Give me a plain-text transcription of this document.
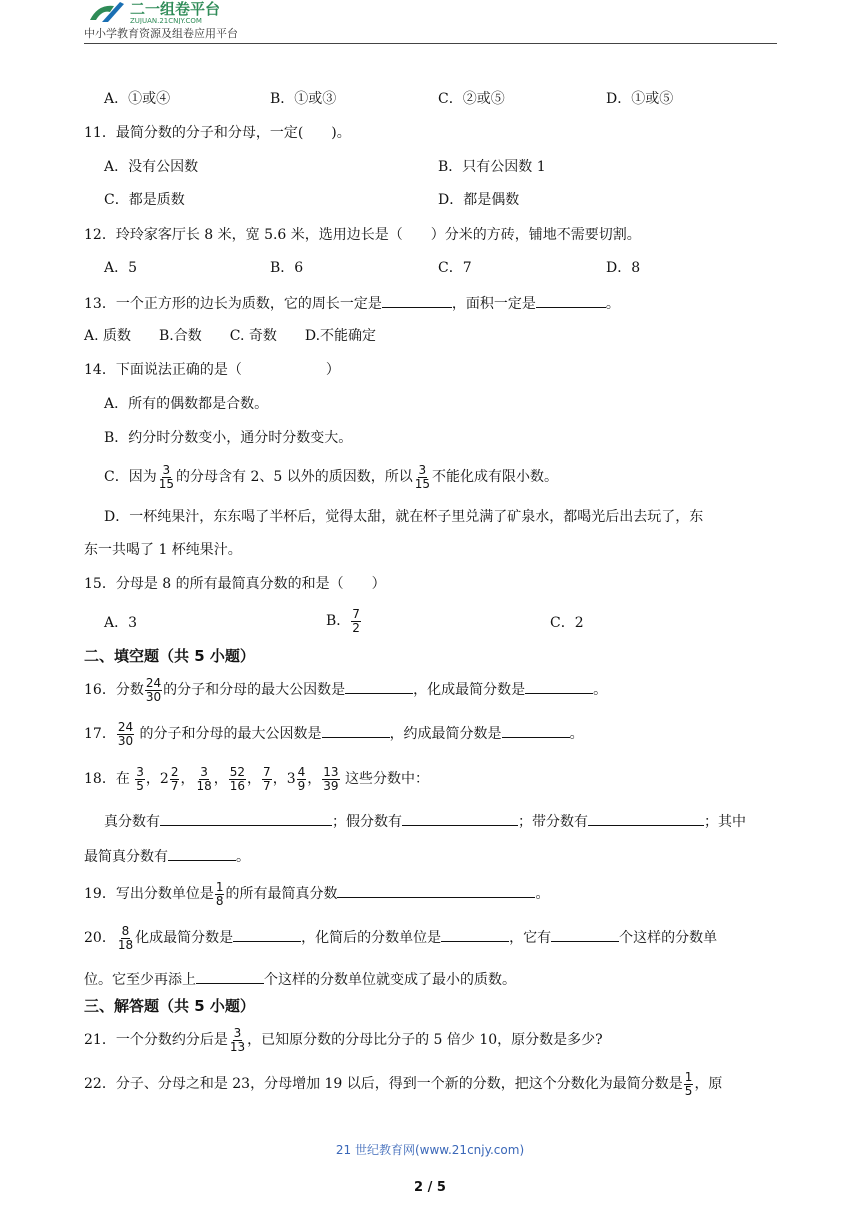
二一组卷平台
ZUJUAN.21CNJY.COM
中小学教育资源及组卷应用平台
A．①或④	B．①或③	C．②或⑤	D．①或⑤
11．最简分数的分子和分母，一定(　　)。
A．没有公因数	B．只有公因数 1
C．都是质数	D．都是偶数
12．玲玲家客厅长 8 米，宽 5.6 米，选用边长是（　　）分米的方砖，铺地不需要切割。
A．5	B．6	C．7	D．8
13．一个正方形的边长为质数，它的周长一定是	，面积一定是	。
A. 质数　　B.合数　　C. 奇数　　D.不能确定
14．下面说法正确的是（　　　　　　）
A．所有的偶数都是合数。
B．约分时分数变小，通分时分数变大。
C．因为 $\frac{3}{15}$ 的分母含有 2、5 以外的质因数，所以 $\frac{3}{15}$ 不能化成有限小数。
D．一杯纯果汁，东东喝了半杯后，觉得太甜，就在杯子里兑满了矿泉水，都喝光后出去玩了，东
东一共喝了 1 杯纯果汁。
15．分母是 8 的所有最简真分数的和是（　　）
A．3	B． $\frac{7}{2}$	C．2
二、填空题（共 5 小题）
16．分数 $\frac{24}{30}$ 的分子和分母的最大公因数是	，化成最简分数是	。
17． $\frac{24}{30}$ 的分子和分母的最大公因数是	，约成最简分数是	。
18．在 $\frac{3}{5}$ ，$2 \frac{2}{7}$ ， $\frac{3}{18}$ ， $\frac{52}{16}$ ， $\frac{7}{7}$ ，$3 \frac{4}{9}$ ， $\frac{13}{39}$ 这些分数中：
真分数有	；假分数有	；带分数有	；其中
最简真分数有	。
19．写出分数单位是 $\frac{1}{8}$ 的所有最简真分数	。
20． $\frac{8}{18}$ 化成最简分数是	，化简后的分数单位是	，它有	个这样的分数单
位。它至少再添上	个这样的分数单位就变成了最小的质数。
三、解答题（共 5 小题）
21．一个分数约分后是 $\frac{3}{13}$ ，已知原分数的分母比分子的 5 倍少 10，原分数是多少?
22．分子、分母之和是 23，分母增加 19 以后，得到一个新的分数，把这个分数化为最简分数是 $\frac{1}{5}$ ，原
21 世纪教育网(www.21cnjy.com)
2 / 5
